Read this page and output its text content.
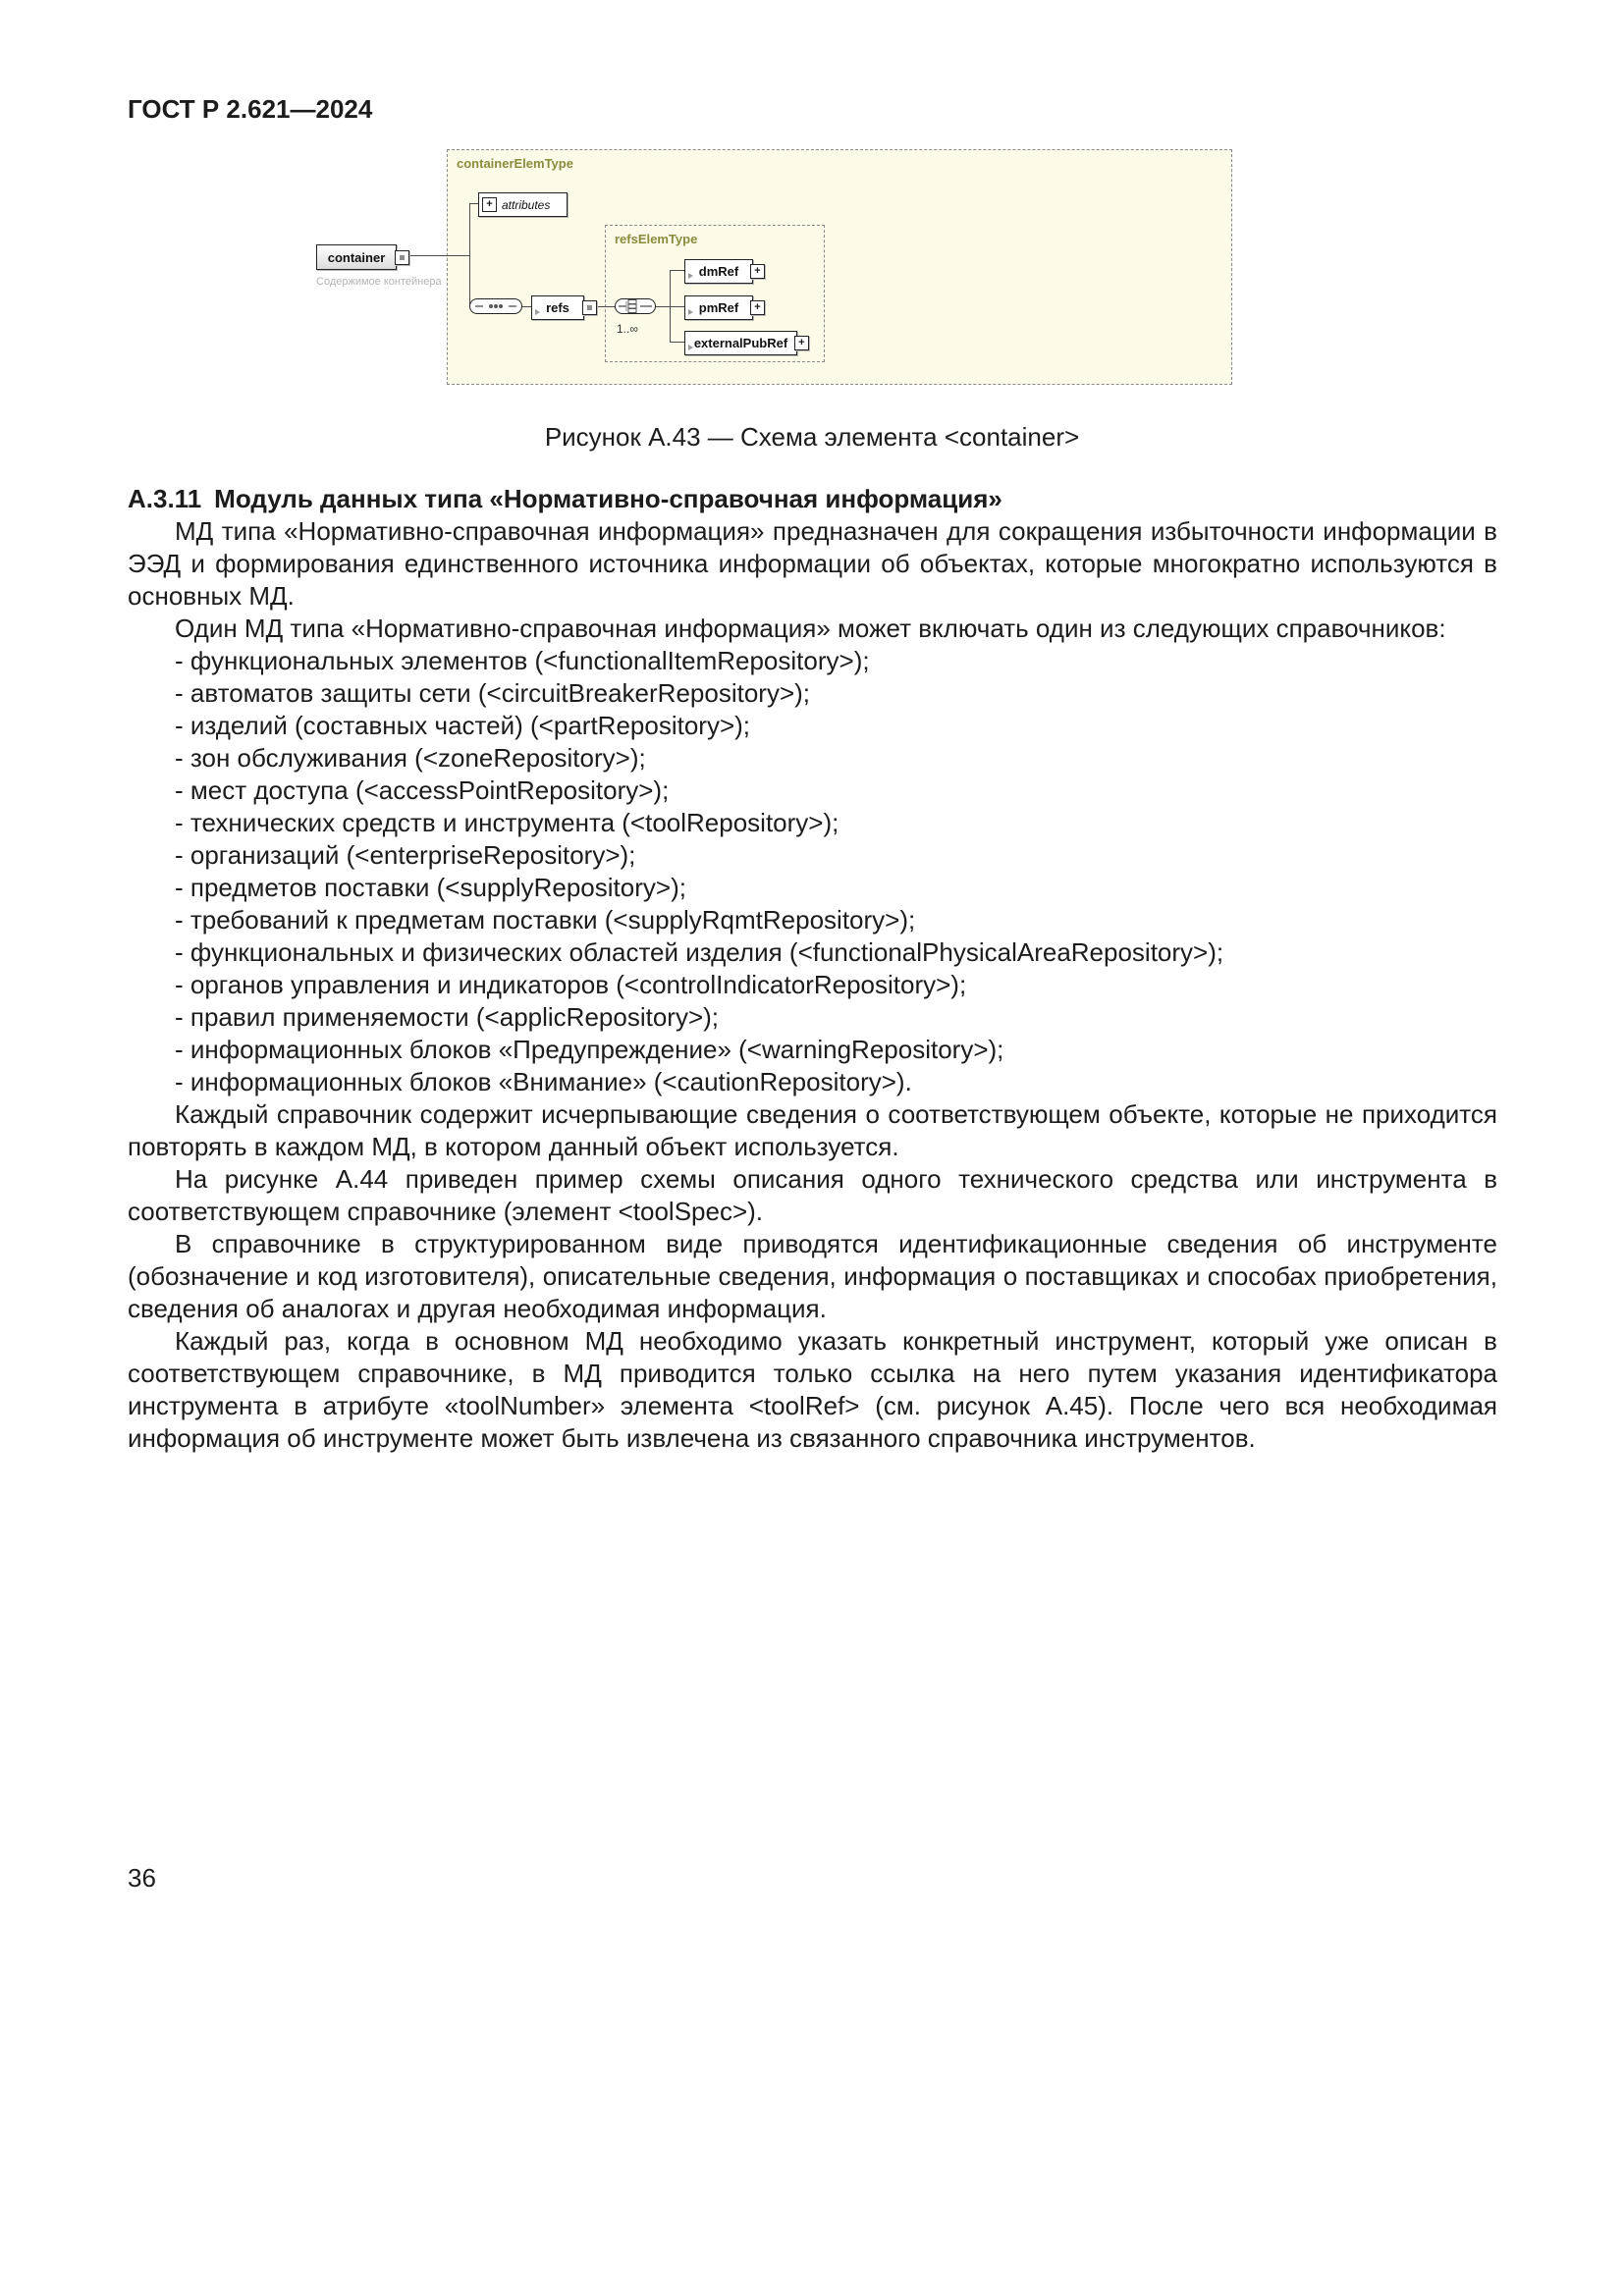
ГОСТ Р 2.621—2024
containerElemType
refsElemType
container
Содержимое контейнера
+ attributes
refs
1..∞
dmRef	+
pmRef	+
externalPubRef	+
Рисунок А.43 — Схема элемента <container>

А.3.11 Модуль данных типа «Нормативно-справочная информация»

МД типа «Нормативно-справочная информация» предназначен для сокращения избыточности информации в ЭЭД и формирования единственного источника информации об объектах, которые многократно используются в основных МД.

Один МД типа «Нормативно-справочная информация» может включать один из следующих справочников:

- функциональных элементов (<functionalItemRepository>);
- автоматов защиты сети (<circuitBreakerRepository>);
- изделий (составных частей) (<partRepository>);
- зон обслуживания (<zoneRepository>);
- мест доступа (<accessPointRepository>);
- технических средств и инструмента (<toolRepository>);
- организаций (<enterpriseRepository>);
- предметов поставки (<supplyRepository>);
- требований к предметам поставки (<supplyRqmtRepository>);
- функциональных и физических областей изделия (<functionalPhysicalAreaRepository>);
- органов управления и индикаторов (<controlIndicatorRepository>);
- правил применяемости (<applicRepository>);
- информационных блоков «Предупреждение» (<warningRepository>);
- информационных блоков «Внимание» (<cautionRepository>).

Каждый справочник содержит исчерпывающие сведения о соответствующем объекте, которые не приходится повторять в каждом МД, в котором данный объект используется.

На рисунке А.44 приведен пример схемы описания одного технического средства или инструмента в соответствующем справочнике (элемент <toolSpec>).

В справочнике в структурированном виде приводятся идентификационные сведения об инструменте (обозначение и код изготовителя), описательные сведения, информация о поставщиках и способах приобретения, сведения об аналогах и другая необходимая информация.

Каждый раз, когда в основном МД необходимо указать конкретный инструмент, который уже описан в соответствующем справочнике, в МД приводится только ссылка на него путем указания идентификатора инструмента в атрибуте «toolNumber» элемента <toolRef> (см. рисунок А.45). После чего вся необходимая информация об инструменте может быть извлечена из связанного справочника инструментов.

36
